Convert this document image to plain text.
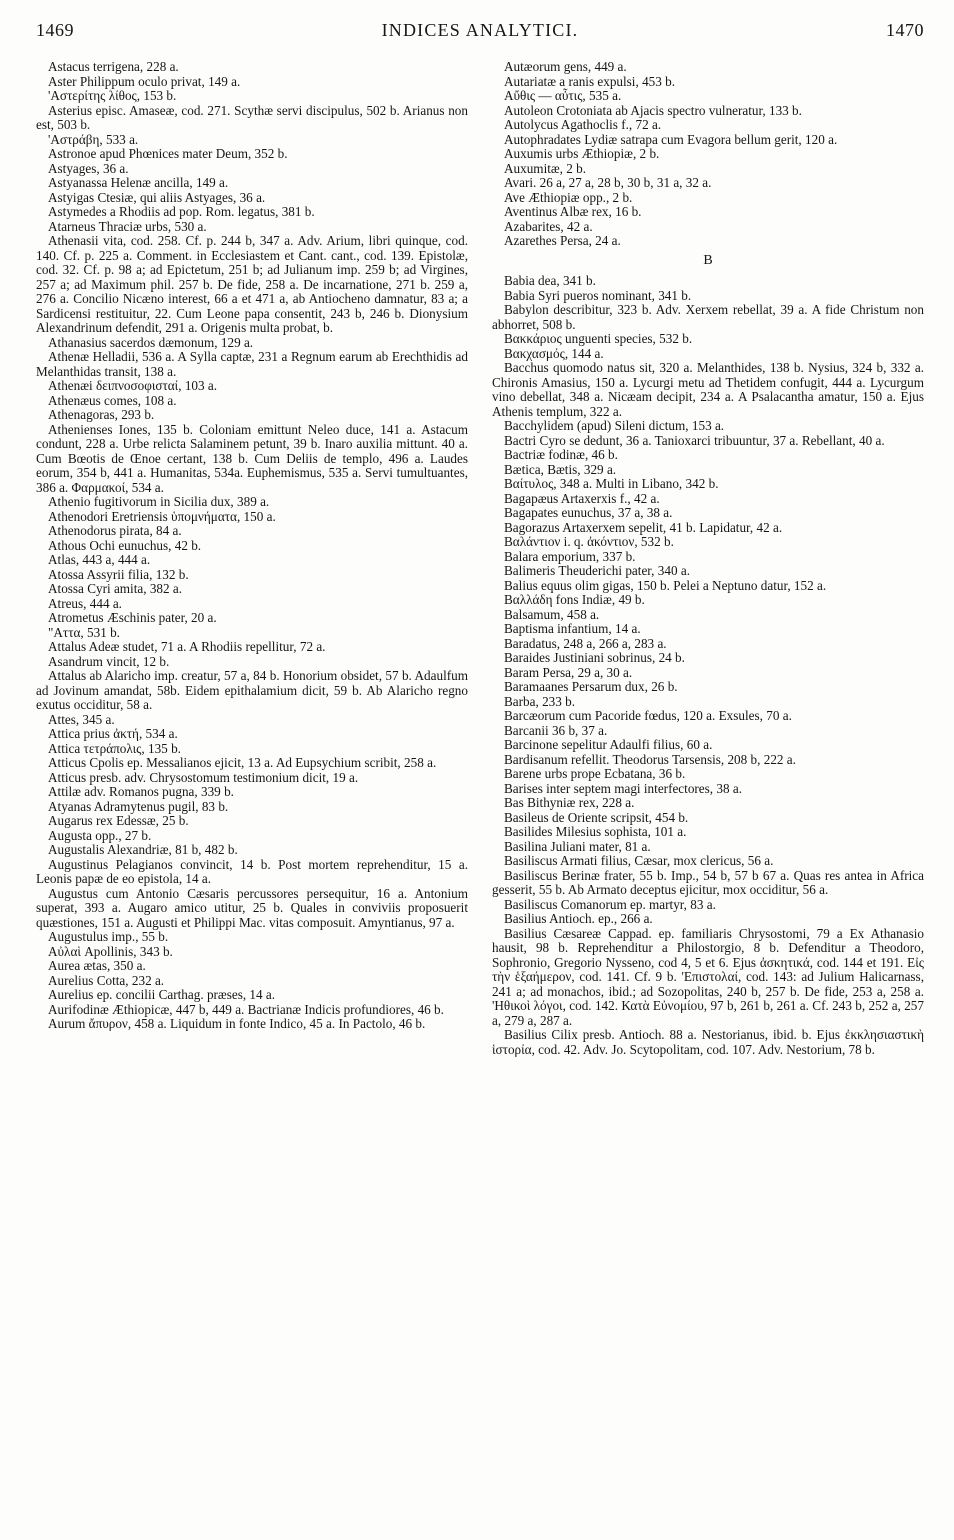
1469	INDICES ANALYTICI.	1470

Astacus terrigena, 228 a.

Aster Philippum oculo privat, 149 a.

'Αστερίτης λίθος, 153 b.

Asterius episc. Amaseæ, cod. 271. Scythæ servi discipulus, 502 b. Arianus non est, 503 b.

'Αστράβη, 533 a.

Astronoe apud Phœnices mater Deum, 352 b.

Astyages, 36 a.

Astyanassa Helenæ ancilla, 149 a.

Astyigas Ctesiæ, qui aliis Astyages, 36 a.

Astymedes a Rhodiis ad pop. Rom. legatus, 381 b.

Atarneus Thraciæ urbs, 530 a.

Athenasii vita, cod. 258. Cf. p. 244 b, 347 a. Adv. Arium, libri quinque, cod. 140. Cf. p. 225 a. Comment. in Ecclesiastem et Cant. cant., cod. 139. Epistolæ, cod. 32. Cf. p. 98 a; ad Epictetum, 251 b; ad Julianum imp. 259 b; ad Virgines, 257 a; ad Maximum phil. 257 b. De fide, 258 a. De incarnatione, 271 b. 259 a, 276 a. Concilio Nicæno interest, 66 a et 471 a, ab Antiocheno damnatur, 83 a; a Sardicensi restituitur, 22. Cum Leone papa consentit, 243 b, 246 b. Dionysium Alexandrinum defendit, 291 a. Origenis multa probat, b.

Athanasius sacerdos dæmonum, 129 a.

Athenæ Helladii, 536 a. A Sylla captæ, 231 a Regnum earum ab Erechthidis ad Melanthidas transit, 138 a.

Athenæi δειπνοσοφισταί, 103 a.

Athenæus comes, 108 a.

Athenagoras, 293 b.

Athenienses Iones, 135 b. Coloniam emittunt Neleo duce, 141 a. Astacum condunt, 228 a. Urbe relicta Salaminem petunt, 39 b. Inaro auxilia mittunt. 40 a. Cum Bœotis de Œnoe certant, 138 b. Cum Deliis de templo, 496 a. Laudes eorum, 354 b, 441 a. Humanitas, 534a. Euphemismus, 535 a. Servi tumultuantes, 386 a. Φαρμακοί, 534 a.

Athenio fugitivorum in Sicilia dux, 389 a.

Athenodori Eretriensis ὑπομνήματα, 150 a.

Athenodorus pirata, 84 a.

Athous Ochi eunuchus, 42 b.

Atlas, 443 a, 444 a.

Atossa Assyrii filia, 132 b.

Atossa Cyri amita, 382 a.

Atreus, 444 a.

Atrometus Æschinis pater, 20 a.

"Αττα, 531 b.

Attalus Adeæ studet, 71 a. A Rhodiis repellitur, 72 a.

Asandrum vincit, 12 b.

Attalus ab Alaricho imp. creatur, 57 a, 84 b. Honorium obsidet, 57 b. Adaulfum ad Jovinum amandat, 58b. Eidem epithalamium dicit, 59 b. Ab Alaricho regno exutus occiditur, 58 a.

Attes, 345 a.

Attica prius ἀκτή, 534 a.

Attica τετράπολις, 135 b.

Atticus Cpolis ep. Messalianos ejicit, 13 a. Ad Eupsychium scribit, 258 a.

Atticus presb. adv. Chrysostomum testimonium dicit, 19 a.

Attilæ adv. Romanos pugna, 339 b.

Atyanas Adramytenus pugil, 83 b.

Augarus rex Edessæ, 25 b.

Augusta opp., 27 b.

Augustalis Alexandriæ, 81 b, 482 b.

Augustinus Pelagianos convincit, 14 b. Post mortem reprehenditur, 15 a. Leonis papæ de eo epistola, 14 a.

Augustus cum Antonio Cæsaris percussores persequitur, 16 a. Antonium superat, 393 a. Augaro amico utitur, 25 b. Quales in conviviis proposuerit quæstiones, 151 a. Augusti et Philippi Mac. vitas composuit. Amyntianus, 97 a.

Augustulus imp., 55 b.

Αὐλαὶ Apollinis, 343 b.

Aurea ætas, 350 a.

Aurelius Cotta, 232 a.

Aurelius ep. concilii Carthag. præses, 14 a.

Aurifodinæ Æthiopicæ, 447 b, 449 a. Bactrianæ Indicis profundiores, 46 b.

Aurum ἄπυρον, 458 a. Liquidum in fonte Indico, 45 a. In Pactolo, 46 b.

Autæorum gens, 449 a.

Autariatæ a ranis expulsi, 453 b.

Αὔθις — αὖτις, 535 a.

Autoleon Crotoniata ab Ajacis spectro vulneratur, 133 b.

Autolycus Agathoclis f., 72 a.

Autophradates Lydiæ satrapa cum Evagora bellum gerit, 120 a.

Auxumis urbs Æthiopiæ, 2 b.

Auxumitæ, 2 b.

Avari. 26 a, 27 a, 28 b, 30 b, 31 a, 32 a.

Ave Æthiopiæ opp., 2 b.

Aventinus Albæ rex, 16 b.

Azabarites, 42 a.

Azarethes Persa, 24 a.

B

Babia dea, 341 b.

Babia Syri pueros nominant, 341 b.

Babylon describitur, 323 b. Adv. Xerxem rebellat, 39 a. A fide Christum non abhorret, 508 b.

Βακκάριος unguenti species, 532 b.

Βακχασμός, 144 a.

Bacchus quomodo natus sit, 320 a. Melanthides, 138 b. Nysius, 324 b, 332 a. Chironis Amasius, 150 a. Lycurgi metu ad Thetidem confugit, 444 a. Lycurgum vino debellat, 348 a. Nicæam decipit, 234 a. A Psalacantha amatur, 150 a. Ejus Athenis templum, 322 a.

Bacchylidem (apud) Sileni dictum, 153 a.

Bactri Cyro se dedunt, 36 a. Tanioxarci tribuuntur, 37 a. Rebellant, 40 a.

Bactriæ fodinæ, 46 b.

Bætica, Bætis, 329 a.

Βαίτυλος, 348 a. Multi in Libano, 342 b.

Bagapæus Artaxerxis f., 42 a.

Bagapates eunuchus, 37 a, 38 a.

Bagorazus Artaxerxem sepelit, 41 b. Lapidatur, 42 a.

Βαλάντιον i. q. ἀκόντιον, 532 b.

Balara emporium, 337 b.

Balimeris Theuderichi pater, 340 a.

Balius equus olim gigas, 150 b. Pelei a Neptuno datur, 152 a.

Βαλλάδη fons Indiæ, 49 b.

Balsamum, 458 a.

Baptisma infantium, 14 a.

Baradatus, 248 a, 266 a, 283 a.

Baraides Justiniani sobrinus, 24 b.

Baram Persa, 29 a, 30 a.

Baramaanes Persarum dux, 26 b.

Barba, 233 b.

Barcæorum cum Pacoride fœdus, 120 a. Exsules, 70 a.

Barcanii 36 b, 37 a.

Barcinone sepelitur Adaulfi filius, 60 a.

Bardisanum refellit. Theodorus Tarsensis, 208 b, 222 a.

Barene urbs prope Ecbatana, 36 b.

Barises inter septem magi interfectores, 38 a.

Bas Bithyniæ rex, 228 a.

Basileus de Oriente scripsit, 454 b.

Basilides Milesius sophista, 101 a.

Basilina Juliani mater, 81 a.

Basiliscus Armati filius, Cæsar, mox clericus, 56 a.

Basiliscus Berinæ frater, 55 b. Imp., 54 b, 57 b 67 a. Quas res antea in Africa gesserit, 55 b. Ab Armato deceptus ejicitur, mox occiditur, 56 a.

Basiliscus Comanorum ep. martyr, 83 a.

Basilius Antioch. ep., 266 a.

Basilius Cæsareæ Cappad. ep. familiaris Chrysostomi, 79 a Ex Athanasio hausit, 98 b. Reprehenditur a Philostorgio, 8 b. Defenditur a Theodoro, Sophronio, Gregorio Nysseno, cod 4, 5 et 6. Ejus ἀσκητικά, cod. 144 et 191. Εἰς τὴν ἑξαήμερον, cod. 141. Cf. 9 b. 'Επιστολαί, cod. 143: ad Julium Halicarnass, 241 a; ad monachos, ibid.; ad Sozopolitas, 240 b, 257 b. De fide, 253 a, 258 a. 'Ηθικοὶ λόγοι, cod. 142. Κατὰ Εὐνομίου, 97 b, 261 b, 261 a. Cf. 243 b, 252 a, 257 a, 279 a, 287 a.

Basilius Cilix presb. Antioch. 88 a. Nestorianus, ibid. b. Ejus ἐκκλησιαστικὴ ἱστορία, cod. 42. Adv. Jo. Scytopolitam, cod. 107. Adv. Nestorium, 78 b.
